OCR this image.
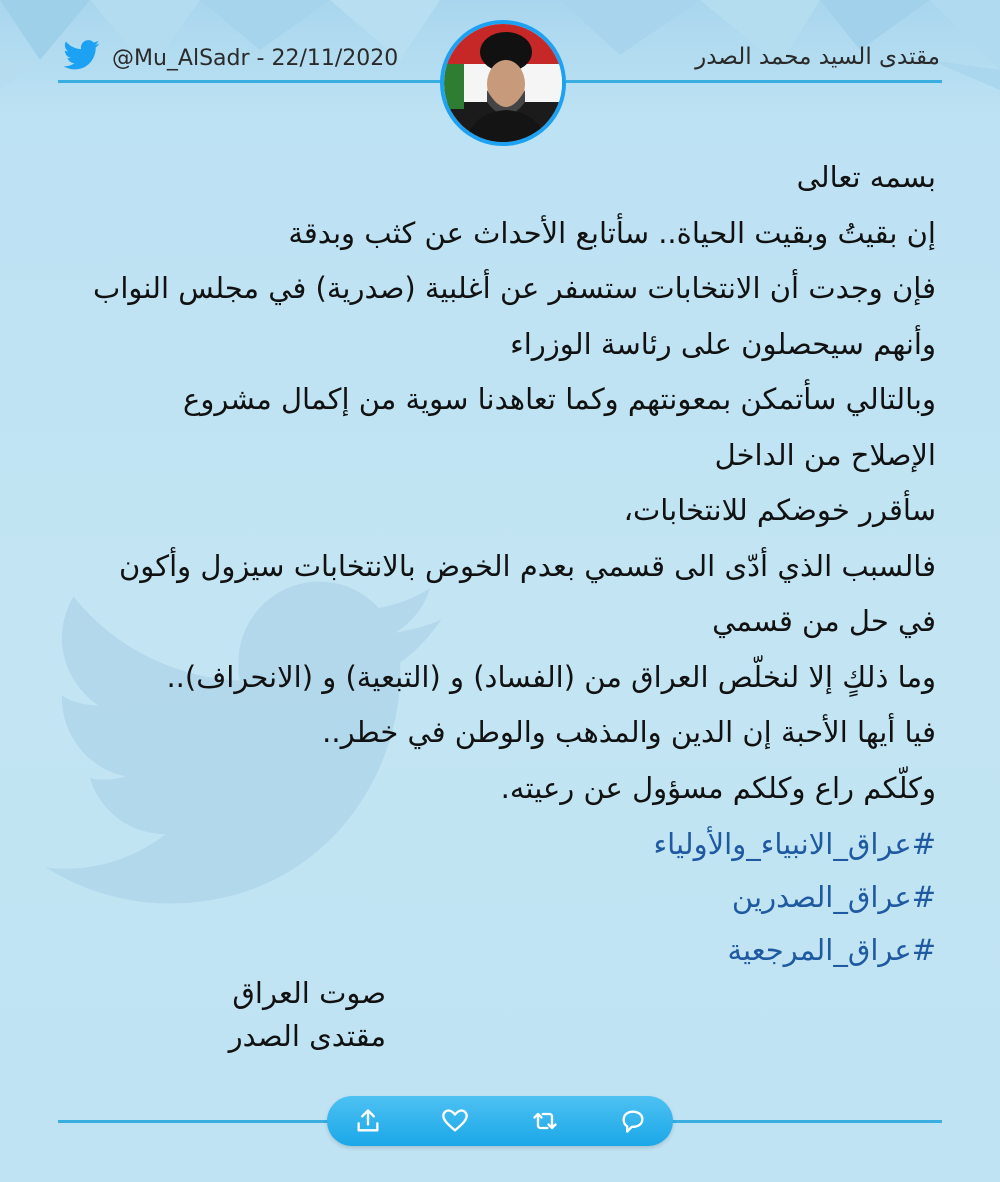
@Mu_AlSadr - 22/11/2020	مقتدى السيد محمد الصدر
بسمه تعالى
إن بقيتُ وبقيت الحياة.. سأتابع الأحداث عن كثب وبدقة
فإن وجدت أن الانتخابات ستسفر عن أغلبية (صدرية) في مجلس النواب
وأنهم سيحصلون على رئاسة الوزراء
وبالتالي سأتمكن بمعونتهم وكما تعاهدنا سوية من إكمال مشروع
الإصلاح من الداخل
سأقرر خوضكم للانتخابات،
فالسبب الذي أدّى الى قسمي بعدم الخوض بالانتخابات سيزول وأكون
في حل من قسمي
وما ذلكٍ إلا لنخلّص العراق من (الفساد) و (التبعية) و (الانحراف)..
فيا أيها الأحبة إن الدين والمذهب والوطن في خطر..
وكلّكم راع وكلكم مسؤول عن رعيته.
#عراق_الانبياء_والأولياء
#عراق_الصدرين
#عراق_المرجعية
صوت العراق
مقتدى الصدر
